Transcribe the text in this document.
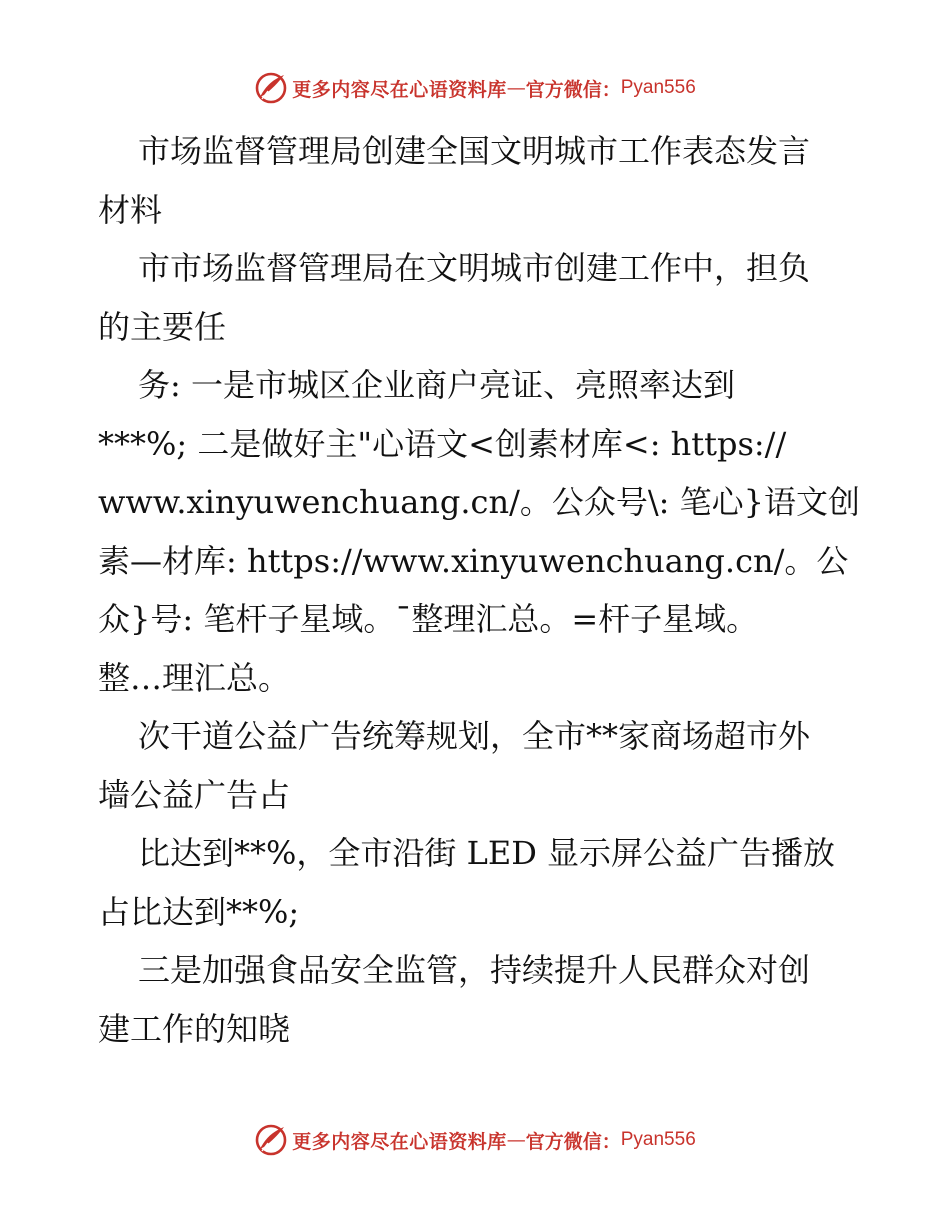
更多内容尽在心语资料库 — 官方微信： Pyan556
市场监督管理局创建全国文明城市工作表态发言
材料
市市场监督管理局在文明城市创建工作中，担负
的主要任
务: 一是市城区企业商户亮证、亮照率达到
***%; 二是做好主"心语文<创素材库<: https://
www.xinyuwenchuang.cn/。公众号\: 笔心}语文创
素—材库: https://www.xinyuwenchuang.cn/。公
众}号: 笔杆子星域。¯整理汇总。=杆子星域。
整…理汇总。
次干道公益广告统筹规划，全市**家商场超市外
墙公益广告占
比达到**%，全市沿街 LED 显示屏公益广告播放
占比达到**%;
三是加强食品安全监管，持续提升人民群众对创
建工作的知晓
更多内容尽在心语资料库 — 官方微信： Pyan556
